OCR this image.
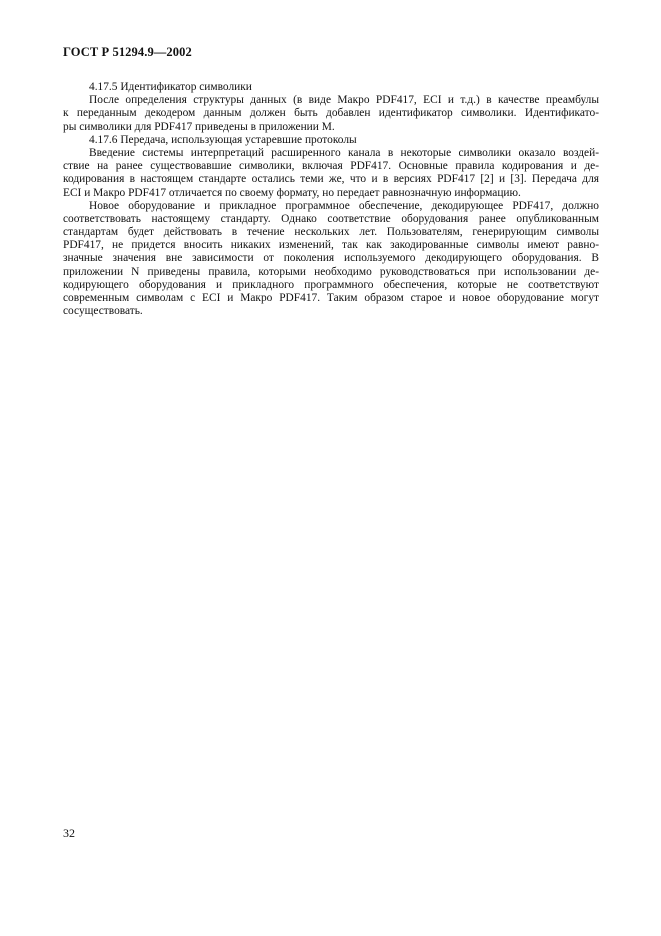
ГОСТ Р 51294.9—2002
4.17.5 Идентификатор символики
После определения структуры данных (в виде Макро PDF417, ECI и т.д.) в качестве преамбулы
к переданным декодером данным должен быть добавлен идентификатор символики. Идентификато-
ры символики для PDF417 приведены в приложении М.
4.17.6 Передача, использующая устаревшие протоколы
Введение системы интерпретаций расширенного канала в некоторые символики оказало воздей-
ствие на ранее существовавшие символики, включая PDF417. Основные правила кодирования и де-
кодирования в настоящем стандарте остались теми же, что и в версиях PDF417 [2] и [3]. Передача для
ECI и Макро PDF417 отличается по своему формату, но передает равнозначную информацию.
Новое оборудование и прикладное программное обеспечение, декодирующее PDF417, должно
соответствовать настоящему стандарту. Однако соответствие оборудования ранее опубликованным
стандартам будет действовать в течение нескольких лет. Пользователям, генерирующим символы
PDF417, не придется вносить никаких изменений, так как закодированные символы имеют равно-
значные значения вне зависимости от поколения используемого декодирующего оборудования. В
приложении N приведены правила, которыми необходимо руководствоваться при использовании де-
кодирующего оборудования и прикладного программного обеспечения, которые не соответствуют
современным символам с ECI и Макро PDF417. Таким образом старое и новое оборудование могут
сосуществовать.
32
